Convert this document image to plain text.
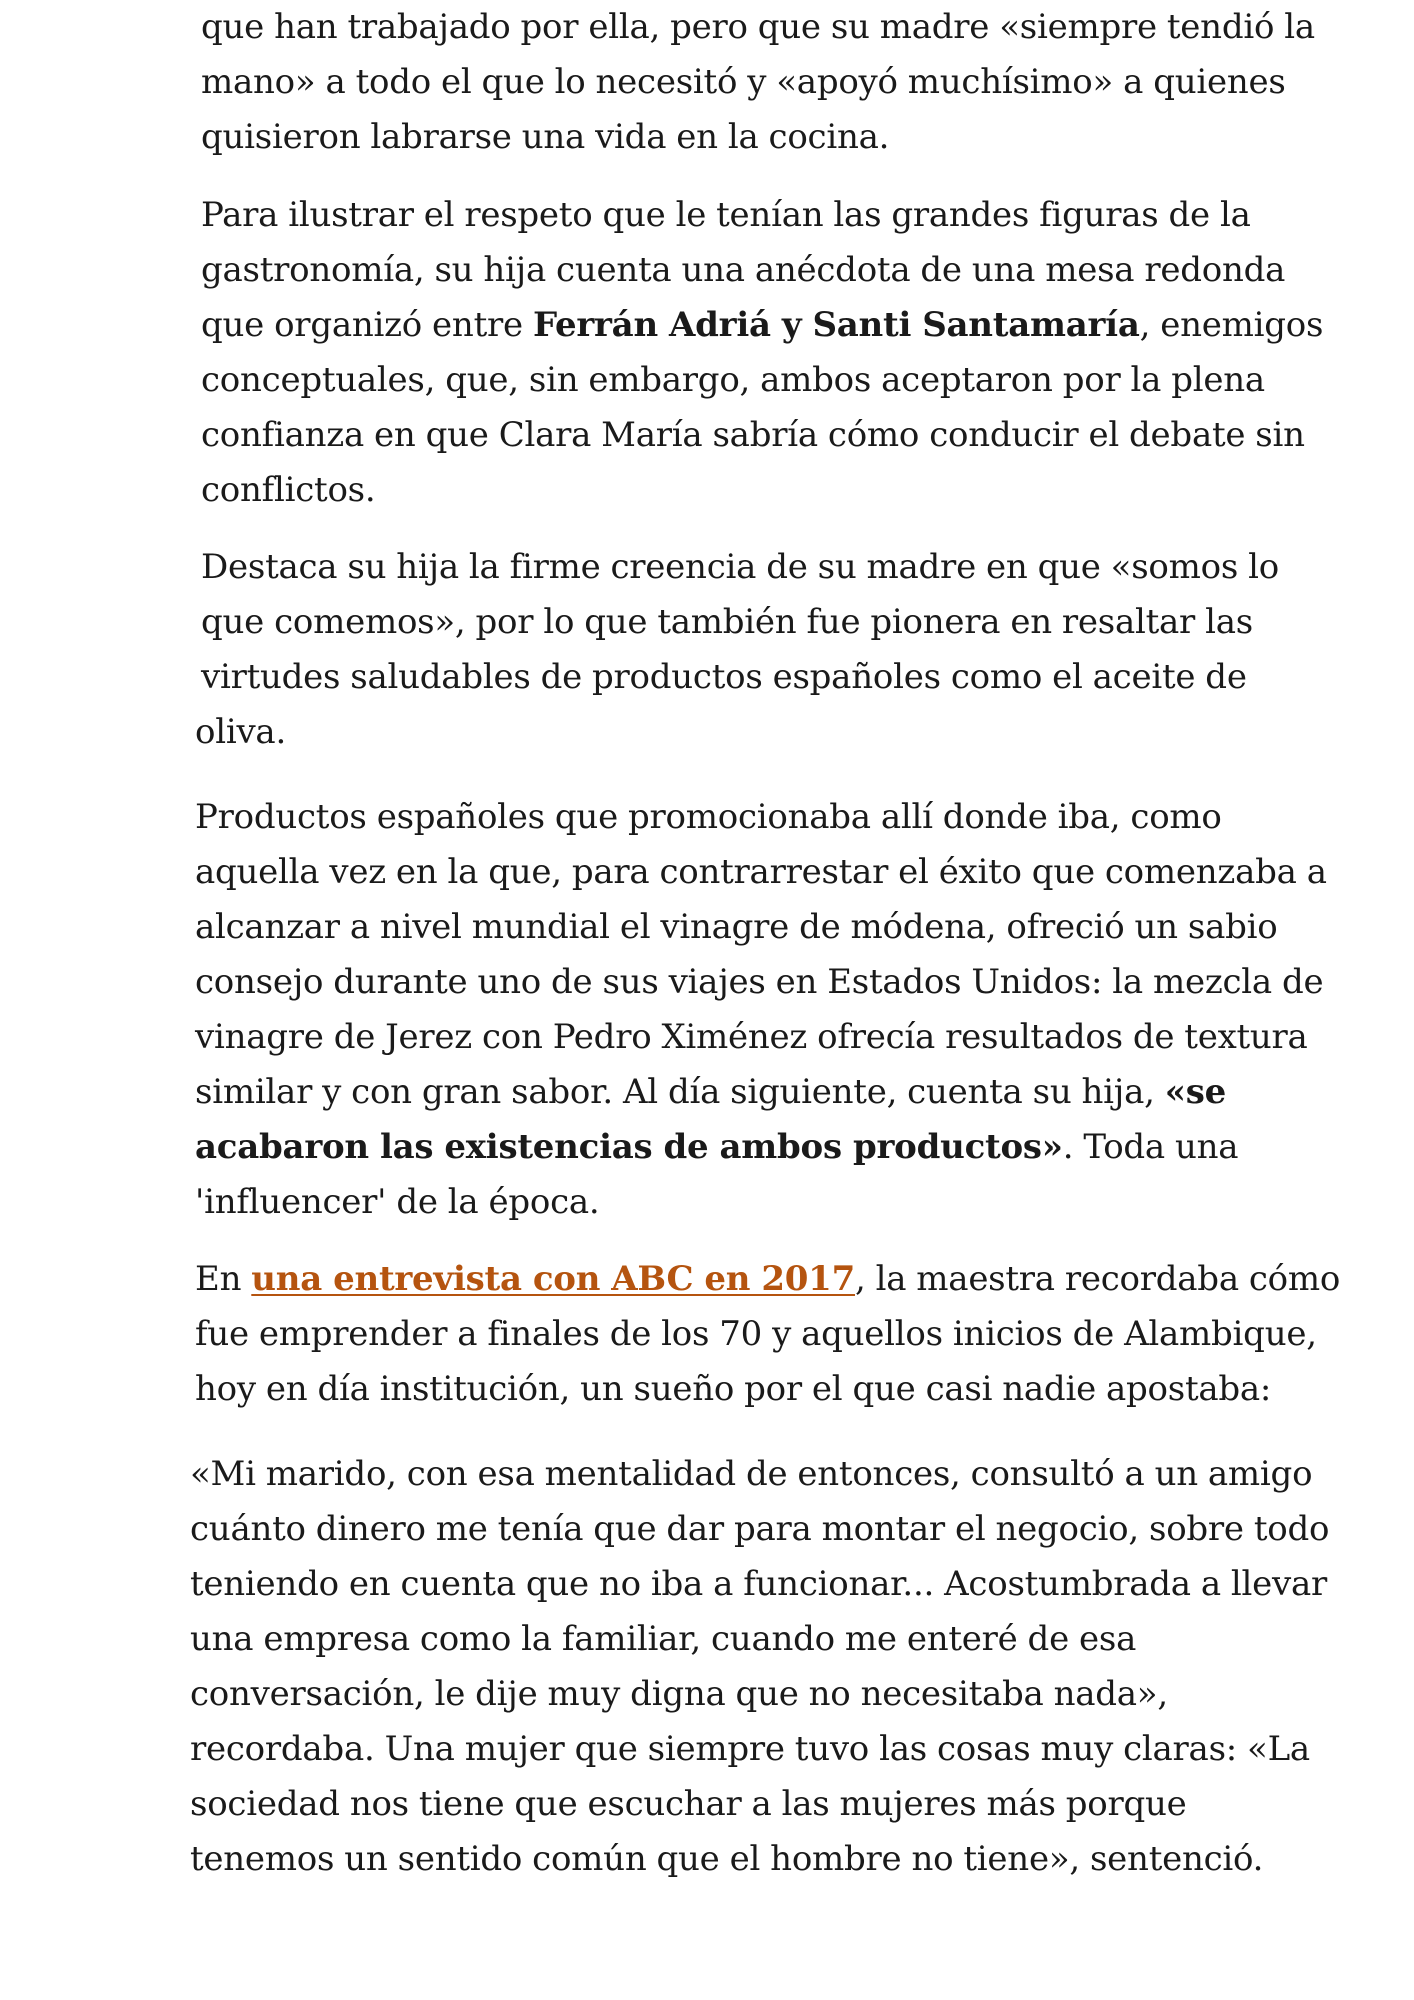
que han trabajado por ella, pero que su madre «siempre tendió la
mano» a todo el que lo necesitó y «apoyó muchísimo» a quienes
quisieron labrarse una vida en la cocina.

Para ilustrar el respeto que le tenían las grandes figuras de la
gastronomía, su hija cuenta una anécdota de una mesa redonda
que organizó entre Ferrán Adriá y Santi Santamaría, enemigos
conceptuales, que, sin embargo, ambos aceptaron por la plena
confianza en que Clara María sabría cómo conducir el debate sin
conflictos.

Destaca su hija la firme creencia de su madre en que «somos lo
que comemos», por lo que también fue pionera en resaltar las
virtudes saludables de productos españoles como el aceite de
oliva.

Productos españoles que promocionaba allí donde iba, como
aquella vez en la que, para contrarrestar el éxito que comenzaba a
alcanzar a nivel mundial el vinagre de módena, ofreció un sabio
consejo durante uno de sus viajes en Estados Unidos: la mezcla de
vinagre de Jerez con Pedro Ximénez ofrecía resultados de textura
similar y con gran sabor. Al día siguiente, cuenta su hija, «se
acabaron las existencias de ambos productos». Toda una
'influencer' de la época.

En una entrevista con ABC en 2017, la maestra recordaba cómo
fue emprender a finales de los 70 y aquellos inicios de Alambique,
hoy en día institución, un sueño por el que casi nadie apostaba:

«Mi marido, con esa mentalidad de entonces, consultó a un amigo
cuánto dinero me tenía que dar para montar el negocio, sobre todo
teniendo en cuenta que no iba a funcionar... Acostumbrada a llevar
una empresa como la familiar, cuando me enteré de esa
conversación, le dije muy digna que no necesitaba nada»,
recordaba. Una mujer que siempre tuvo las cosas muy claras: «La
sociedad nos tiene que escuchar a las mujeres más porque
tenemos un sentido común que el hombre no tiene», sentenció.
